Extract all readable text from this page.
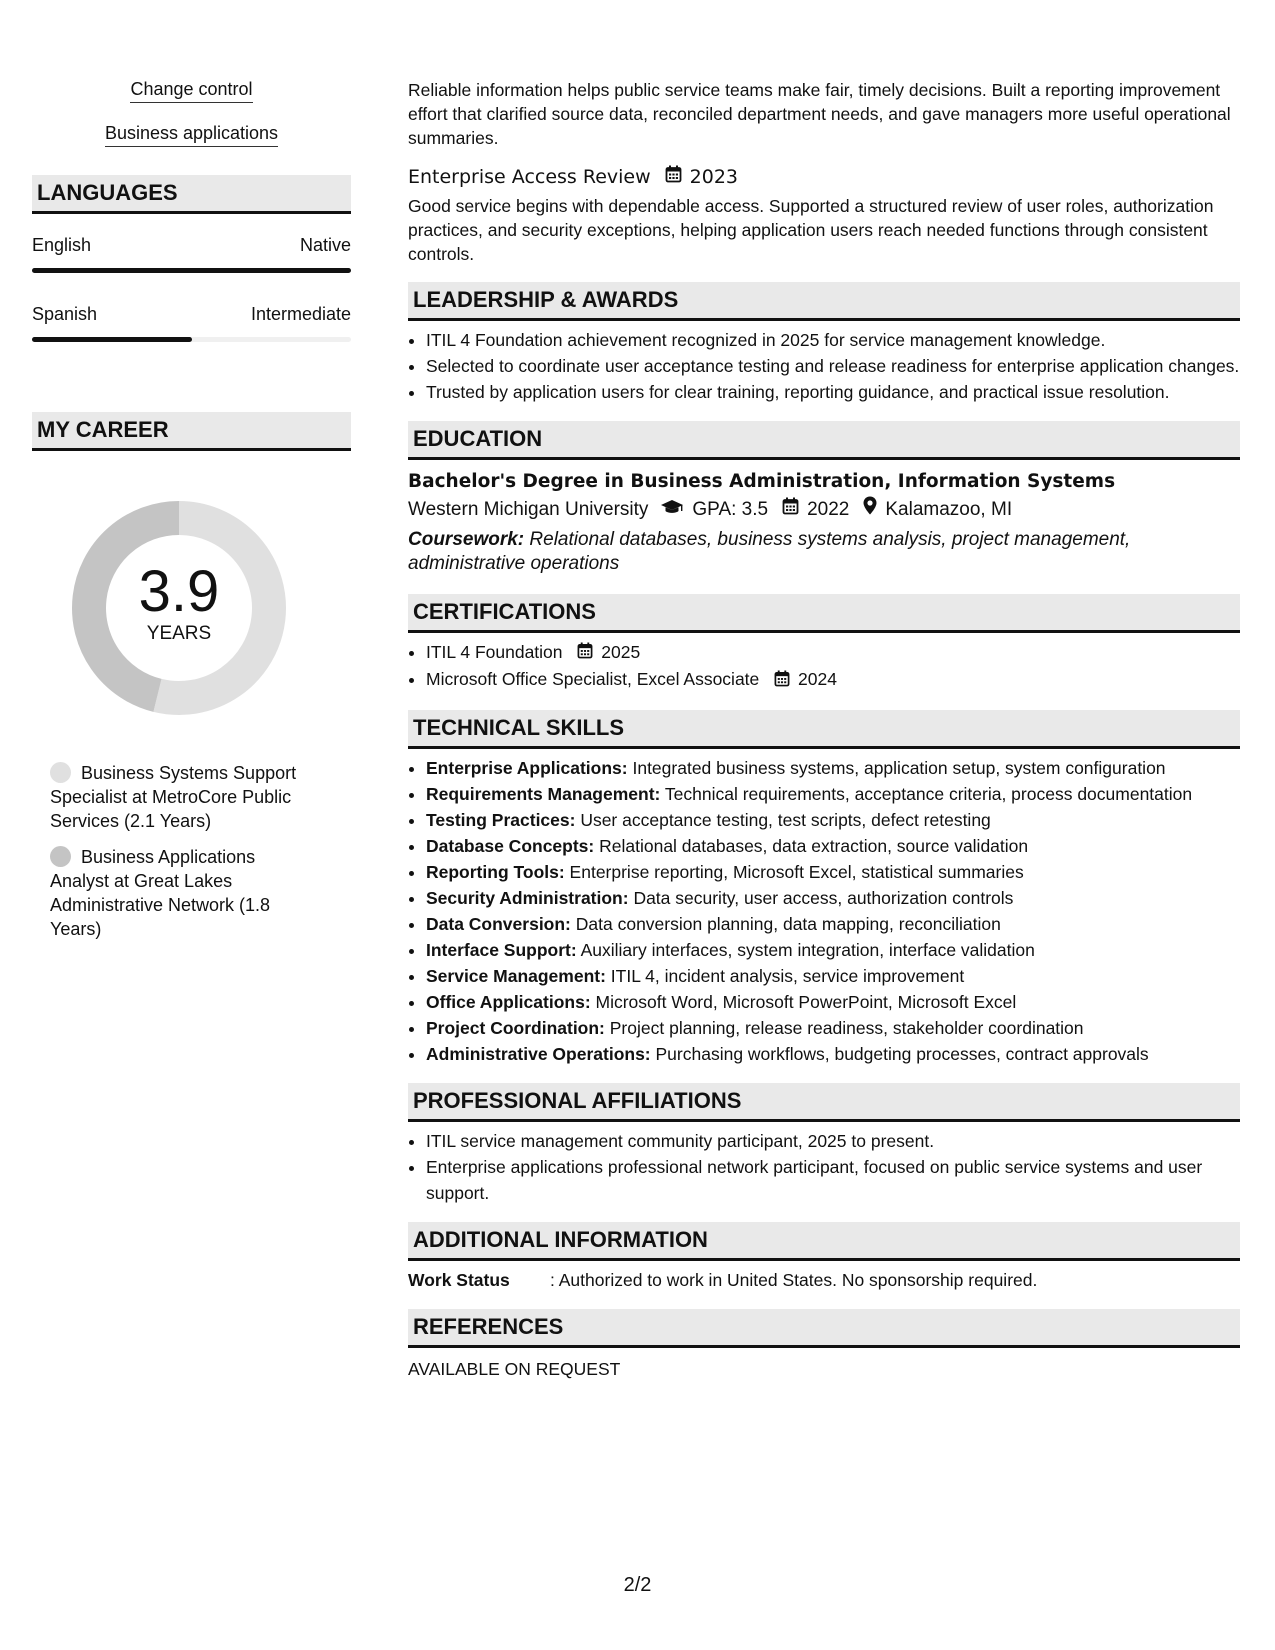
Change control
Business applications
LANGUAGES
English	Native
Spanish	Intermediate
MY CAREER
3.9
YEARS
Business Systems Support Specialist at MetroCore Public Services (2.1 Years)
Business Applications Analyst at Great Lakes Administrative Network (1.8 Years)

Reliable information helps public service teams make fair, timely decisions. Built a reporting improvement effort that clarified source data, reconciled department needs, and gave managers more useful operational summaries.

Enterprise Access Review 2023

Good service begins with dependable access. Supported a structured review of user roles, authorization practices, and security exceptions, helping application users reach needed functions through consistent controls.

LEADERSHIP & AWARDS
• ITIL 4 Foundation achievement recognized in 2025 for service management knowledge.
• Selected to coordinate user acceptance testing and release readiness for enterprise application changes.
• Trusted by application users for clear training, reporting guidance, and practical issue resolution.
EDUCATION
Bachelor's Degree in Business Administration, Information Systems
Western Michigan University GPA: 3.5 2022 Kalamazoo, MI
Coursework: Relational databases, business systems analysis, project management, administrative operations
CERTIFICATIONS
• ITIL 4 Foundation 2025
• Microsoft Office Specialist, Excel Associate 2024
TECHNICAL SKILLS
• Enterprise Applications: Integrated business systems, application setup, system configuration
• Requirements Management: Technical requirements, acceptance criteria, process documentation
• Testing Practices: User acceptance testing, test scripts, defect retesting
• Database Concepts: Relational databases, data extraction, source validation
• Reporting Tools: Enterprise reporting, Microsoft Excel, statistical summaries
• Security Administration: Data security, user access, authorization controls
• Data Conversion: Data conversion planning, data mapping, reconciliation
• Interface Support: Auxiliary interfaces, system integration, interface validation
• Service Management: ITIL 4, incident analysis, service improvement
• Office Applications: Microsoft Word, Microsoft PowerPoint, Microsoft Excel
• Project Coordination: Project planning, release readiness, stakeholder coordination
• Administrative Operations: Purchasing workflows, budgeting processes, contract approvals
PROFESSIONAL AFFILIATIONS
• ITIL service management community participant, 2025 to present.
• Enterprise applications professional network participant, focused on public service systems and user support.
ADDITIONAL INFORMATION
Work Status	: Authorized to work in United States. No sponsorship required.
REFERENCES
AVAILABLE ON REQUEST
2/2
